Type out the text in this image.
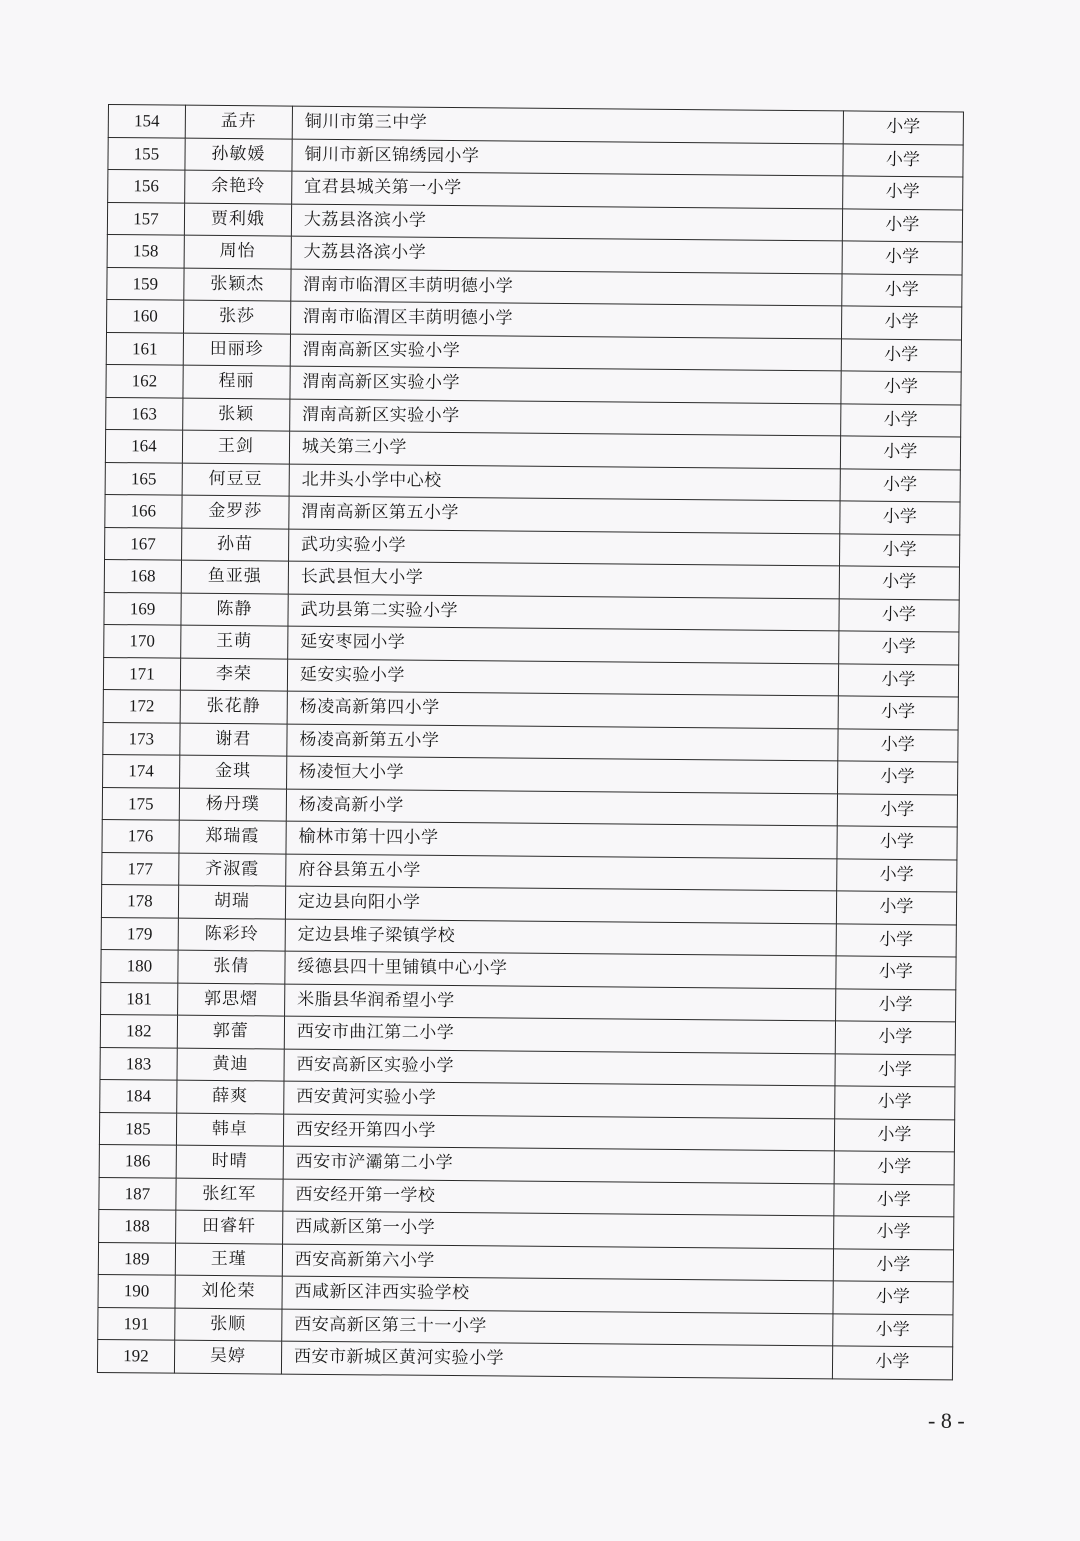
154	孟卉	铜川市第三中学	小学
155	孙敏媛	铜川市新区锦绣园小学	小学
156	余艳玲	宜君县城关第一小学	小学
157	贾利娥	大荔县洛滨小学	小学
158	周怡	大荔县洛滨小学	小学
159	张颖杰	渭南市临渭区丰荫明德小学	小学
160	张莎	渭南市临渭区丰荫明德小学	小学
161	田丽珍	渭南高新区实验小学	小学
162	程丽	渭南高新区实验小学	小学
163	张颖	渭南高新区实验小学	小学
164	王剑	城关第三小学	小学
165	何豆豆	北井头小学中心校	小学
166	金罗莎	渭南高新区第五小学	小学
167	孙苗	武功实验小学	小学
168	鱼亚强	长武县恒大小学	小学
169	陈静	武功县第二实验小学	小学
170	王萌	延安枣园小学	小学
171	李荣	延安实验小学	小学
172	张花静	杨凌高新第四小学	小学
173	谢君	杨凌高新第五小学	小学
174	金琪	杨凌恒大小学	小学
175	杨丹璞	杨凌高新小学	小学
176	郑瑞霞	榆林市第十四小学	小学
177	齐淑霞	府谷县第五小学	小学
178	胡瑞	定边县向阳小学	小学
179	陈彩玲	定边县堆子梁镇学校	小学
180	张倩	绥德县四十里铺镇中心小学	小学
181	郭思熠	米脂县华润希望小学	小学
182	郭蕾	西安市曲江第二小学	小学
183	黄迪	西安高新区实验小学	小学
184	薛爽	西安黄河实验小学	小学
185	韩卓	西安经开第四小学	小学
186	时晴	西安市浐灞第二小学	小学
187	张红军	西安经开第一学校	小学
188	田睿轩	西咸新区第一小学	小学
189	王瑾	西安高新第六小学	小学
190	刘伦荣	西咸新区沣西实验学校	小学
191	张顺	西安高新区第三十一小学	小学
192	吴婷	西安市新城区黄河实验小学	小学
- 8 -
